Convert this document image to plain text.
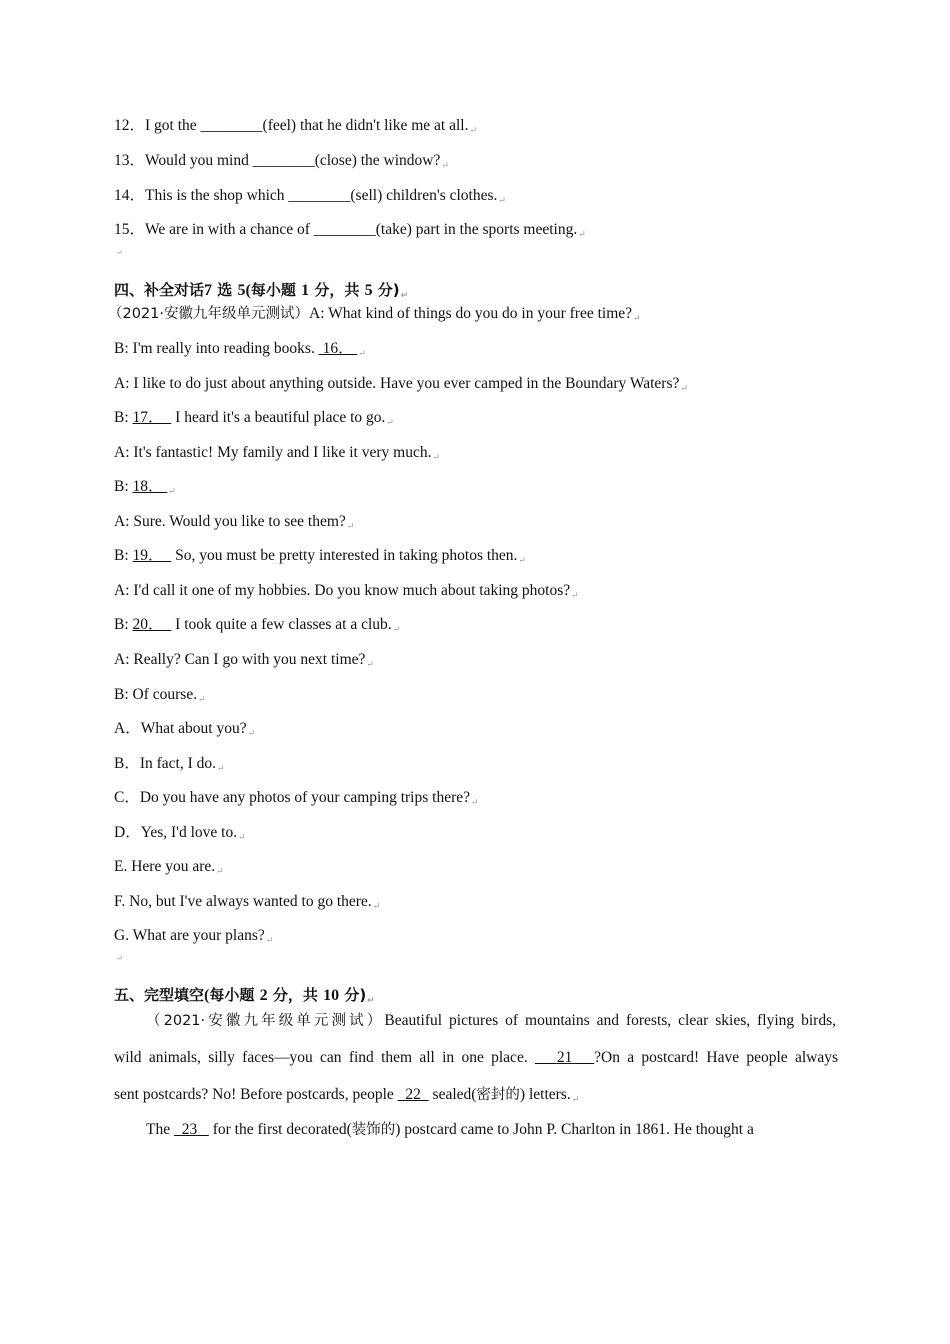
12．I got the ________(feel) that he didn't like me at all.↵
13．Would you mind ________(close) the window?↵
14．This is the shop which ________(sell) children's clothes.↵
15．We are in with a chance of ________(take) part in the sports meeting.↵
↵
四、补全对话7 选 5(每小题 1 分，共 5 分)$_↵$
（2021·安徽九年级单元测试）A: What kind of things do you do in your free time?↵
B: I'm really into reading books.  16． ↵
A: I like to do just about anything outside. Have you ever camped in the Boundary Waters?↵
B: 17．   I heard it's a beautiful place to go.↵
A: It's fantastic! My family and I like it very much.↵
B: 18． ↵
A: Sure. Would you like to see them?↵
B: 19．   So, you must be pretty interested in taking photos then.↵
A: I'd call it one of my hobbies. Do you know much about taking photos?↵
B: 20．   I took quite a few classes at a club.↵
A: Really? Can I go with you next time?↵
B: Of course.↵
A．What about you?↵
B．In fact, I do.↵
C．Do you have any photos of your camping trips there?↵
D．Yes, I'd love to.↵
E. Here you are.↵
F. No, but I've always wanted to go there.↵
G. What are your plans?↵
↵
五、完型填空(每小题 2 分，共 10 分)$_↵$
（2021·安徽九年级单元测试）Beautiful pictures of mountains and forests, clear skies, flying birds,
wild animals, silly faces—you can find them all in one place. 21 ?On a postcard! Have people always
sent postcards? No! Before postcards, people 22 sealed(密封的) letters.↵
The 23 for the first decorated(装饰的) postcard came to John P. Charlton in 1861. He thought a
